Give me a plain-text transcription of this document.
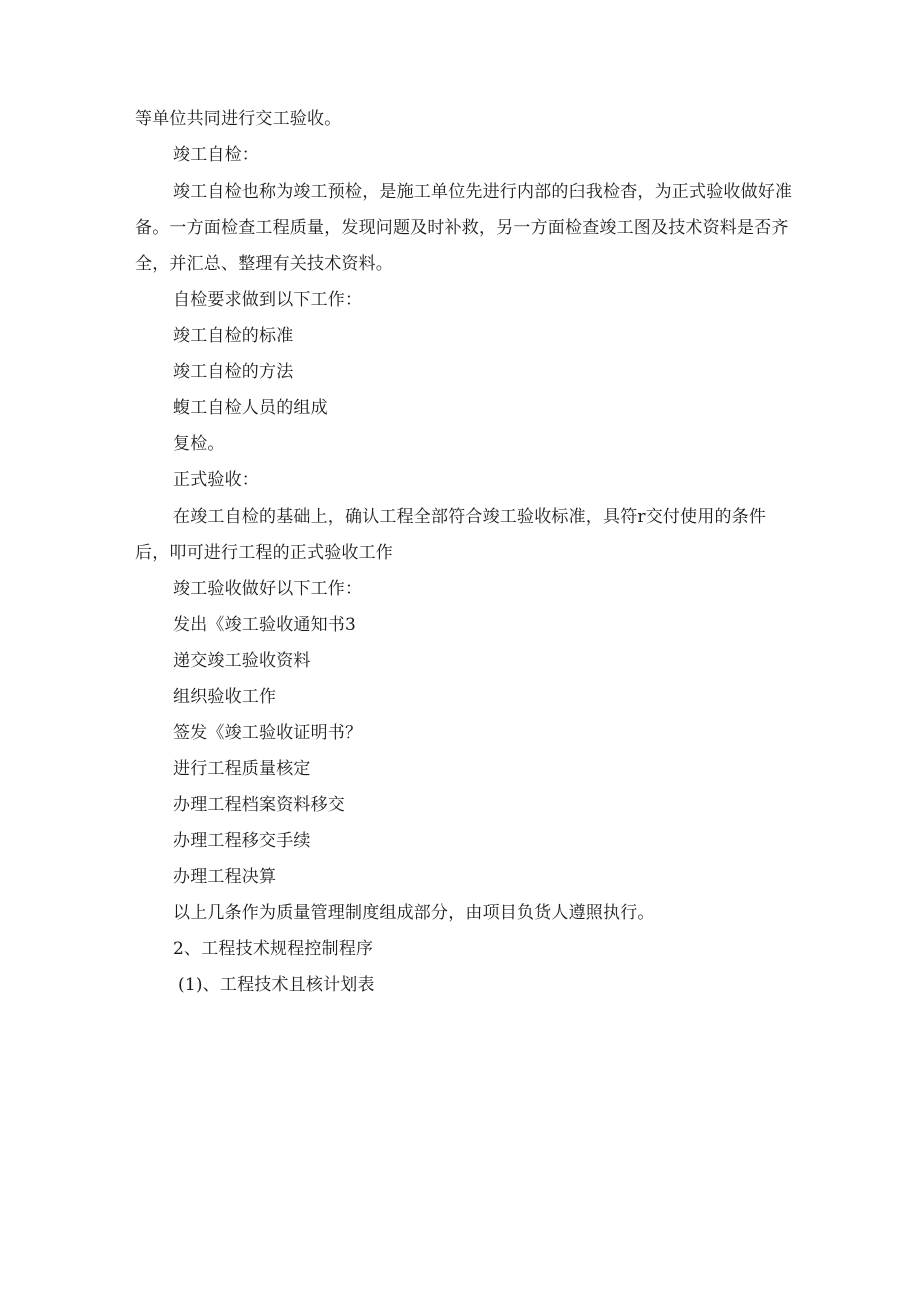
等单位共同进行交工验收。
竣工自检：
竣工自检也称为竣工预检，是施工单位先进行内部的臼我检杳，为正式验收做好准
备。一方面检查工程质量，发现问题及时补救，另一方面检查竣工图及技术资料是否齐
全，并汇总、整理有关技术资料。
自检要求做到以下工作：
竣工自检的标准
竣工自检的方法
蝮工自检人员的组成
复检。
正式验收：
在竣工自检的基础上，确认工程全部符合竣工验收标准，具符r交付使用的条件
后，叩可进行工程的正式验收工作
竣工验收做好以下工作：
发出《竣工验收通知书3
递交竣工验收资料
组织验收工作
签发《竣工验收证明书？
进行工程质量核定
办理工程档案资料移交
办理工程移交手续
办理工程决算
以上几条作为质量管理制度组成部分，由项目负货人遵照执行。
2、工程技术规程控制程序
(1)、工程技术且核计划表
